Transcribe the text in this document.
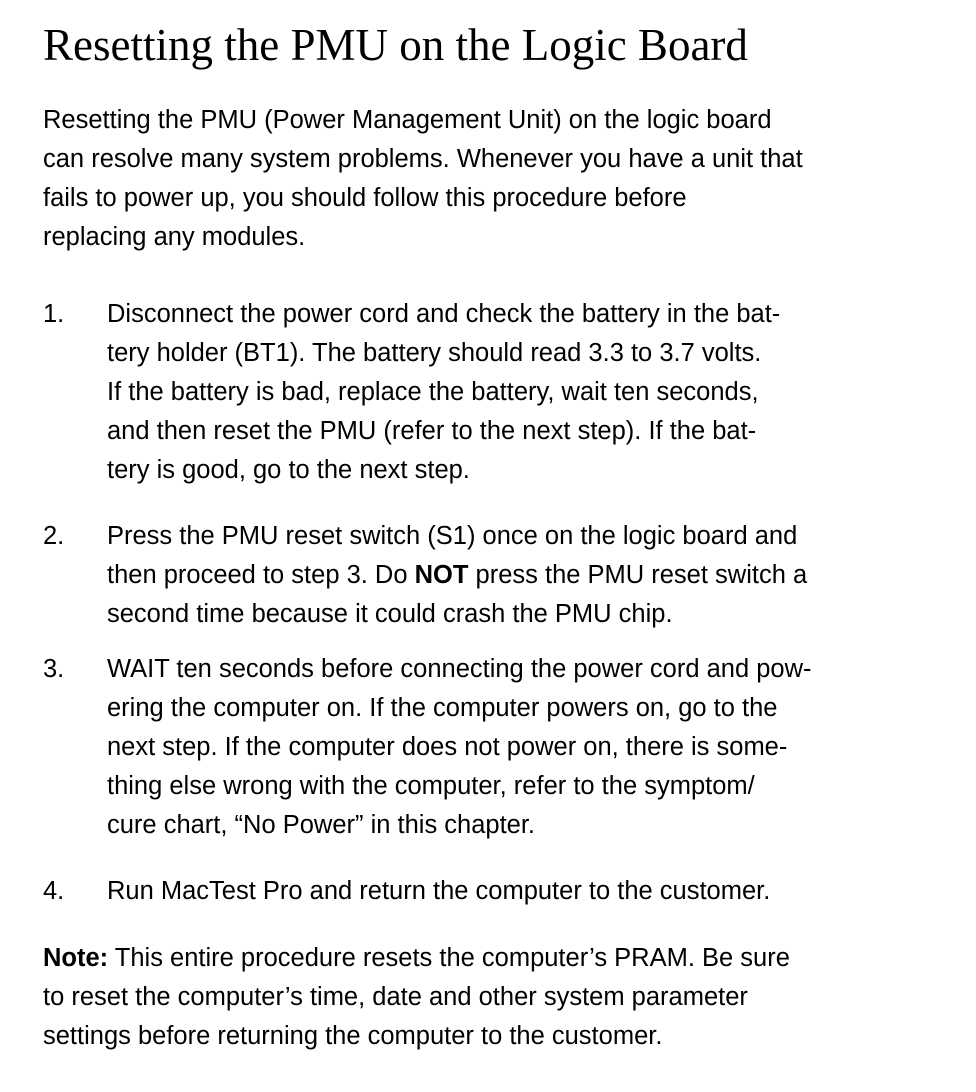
Resetting the PMU on the Logic Board

Resetting the PMU (Power Management Unit) on the logic board
can resolve many system problems. Whenever you have a unit that
fails to power up, you should follow this procedure before
replacing any modules.

1. Disconnect the power cord and check the battery in the bat-
tery holder (BT1). The battery should read 3.3 to 3.7 volts.
If the battery is bad, replace the battery, wait ten seconds,
and then reset the PMU (refer to the next step). If the bat-
tery is good, go to the next step.
2. Press the PMU reset switch (S1) once on the logic board and
then proceed to step 3. Do NOT press the PMU reset switch a
second time because it could crash the PMU chip.
3. WAIT ten seconds before connecting the power cord and pow-
ering the computer on. If the computer powers on, go to the
next step. If the computer does not power on, there is some-
thing else wrong with the computer, refer to the symptom/
cure chart, “No Power” in this chapter.
4. Run MacTest Pro and return the computer to the customer.

Note: This entire procedure resets the computer’s PRAM. Be sure
to reset the computer’s time, date and other system parameter
settings before returning the computer to the customer.
